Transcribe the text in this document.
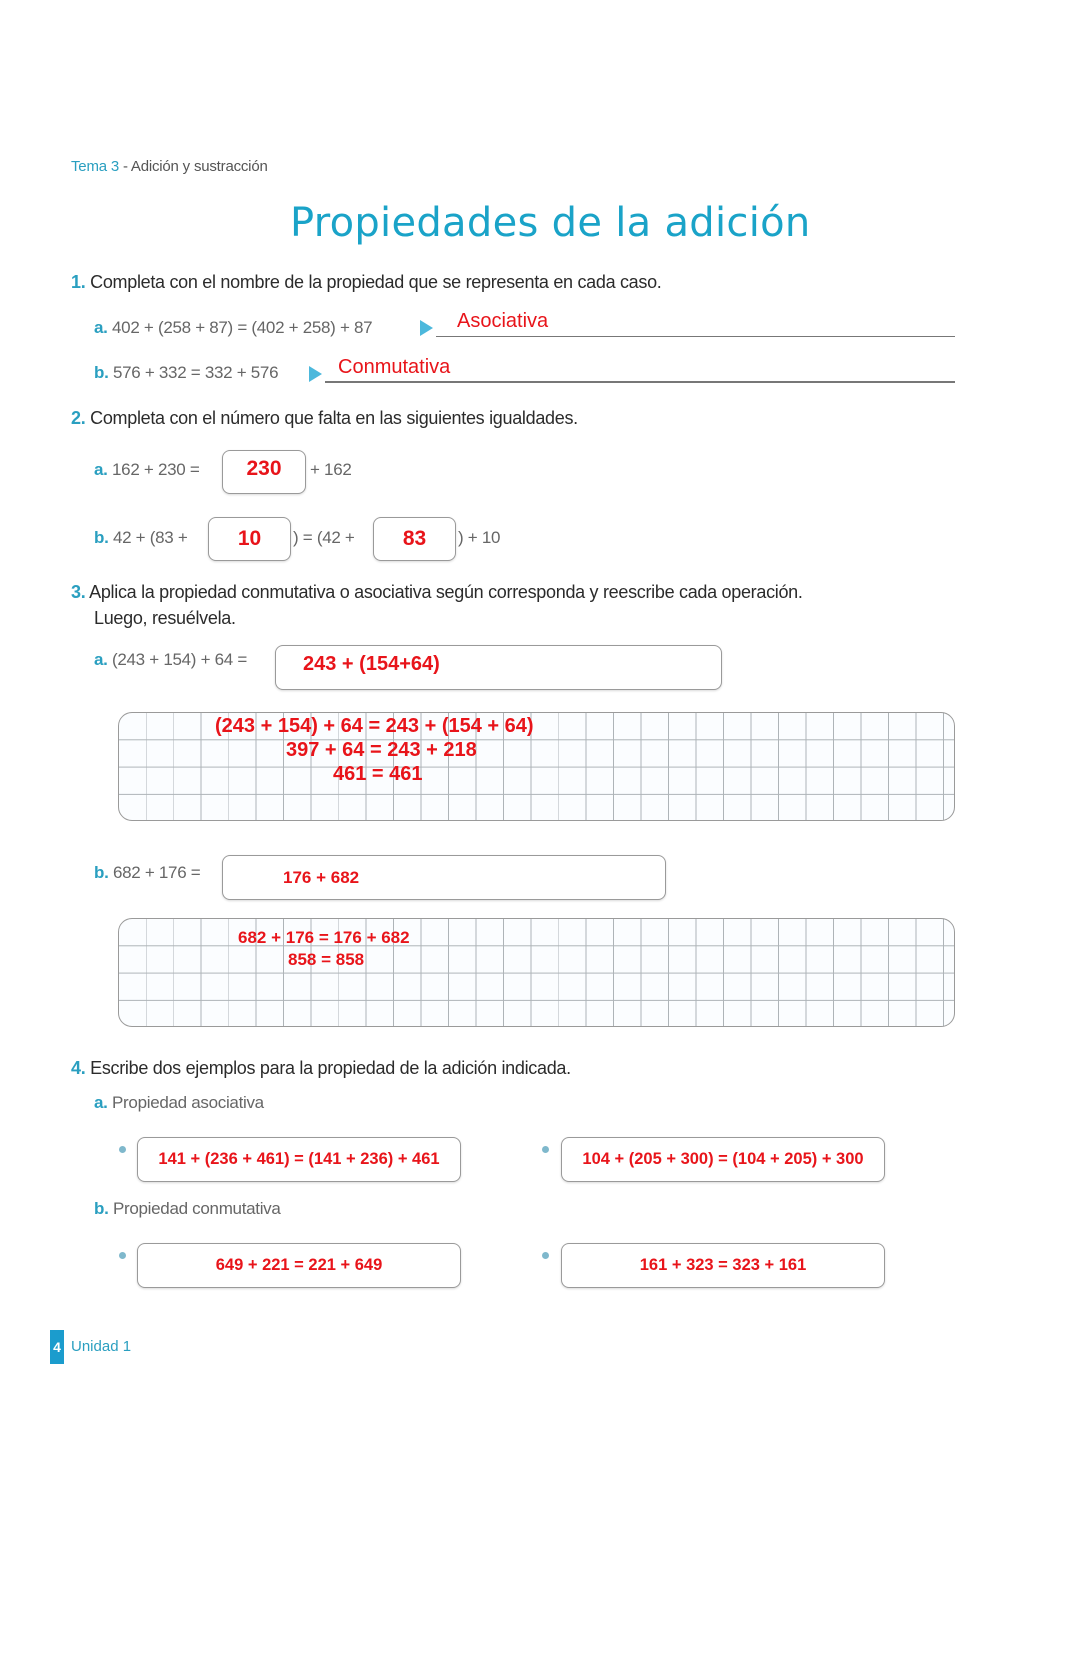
Tema 3 - Adición y sustracción
Propiedades de la adición
1. Completa con el nombre de la propiedad que se representa en cada caso.
a. 402 + (258 + 87) = (402 + 258) + 87	Asociativa
b. 576 + 332 = 332 + 576	Conmutativa
2. Completa con el número que falta en las siguientes igualdades.
a. 162 + 230 = 230 + 162
b. 42 + (83 + 10 ) = (42 + 83 ) + 10
3. Aplica la propiedad conmutativa o asociativa según corresponda y reescribe cada operación.
Luego, resuélvela.
a. (243 + 154) + 64 =	243 + (154+64)
(243 + 154) + 64 = 243 + (154 + 64)
397 + 64 = 243 + 218
461 = 461
b. 682 + 176 =	176 + 682
682 + 176 = 176 + 682
858 = 858
4. Escribe dos ejemplos para la propiedad de la adición indicada.
a. Propiedad asociativa
141 + (236 + 461) = (141 + 236) + 461	104 + (205 + 300) = (104 + 205) + 300
b. Propiedad conmutativa
649 + 221 = 221 + 649	161 + 323 = 323 + 161
4 Unidad 1
